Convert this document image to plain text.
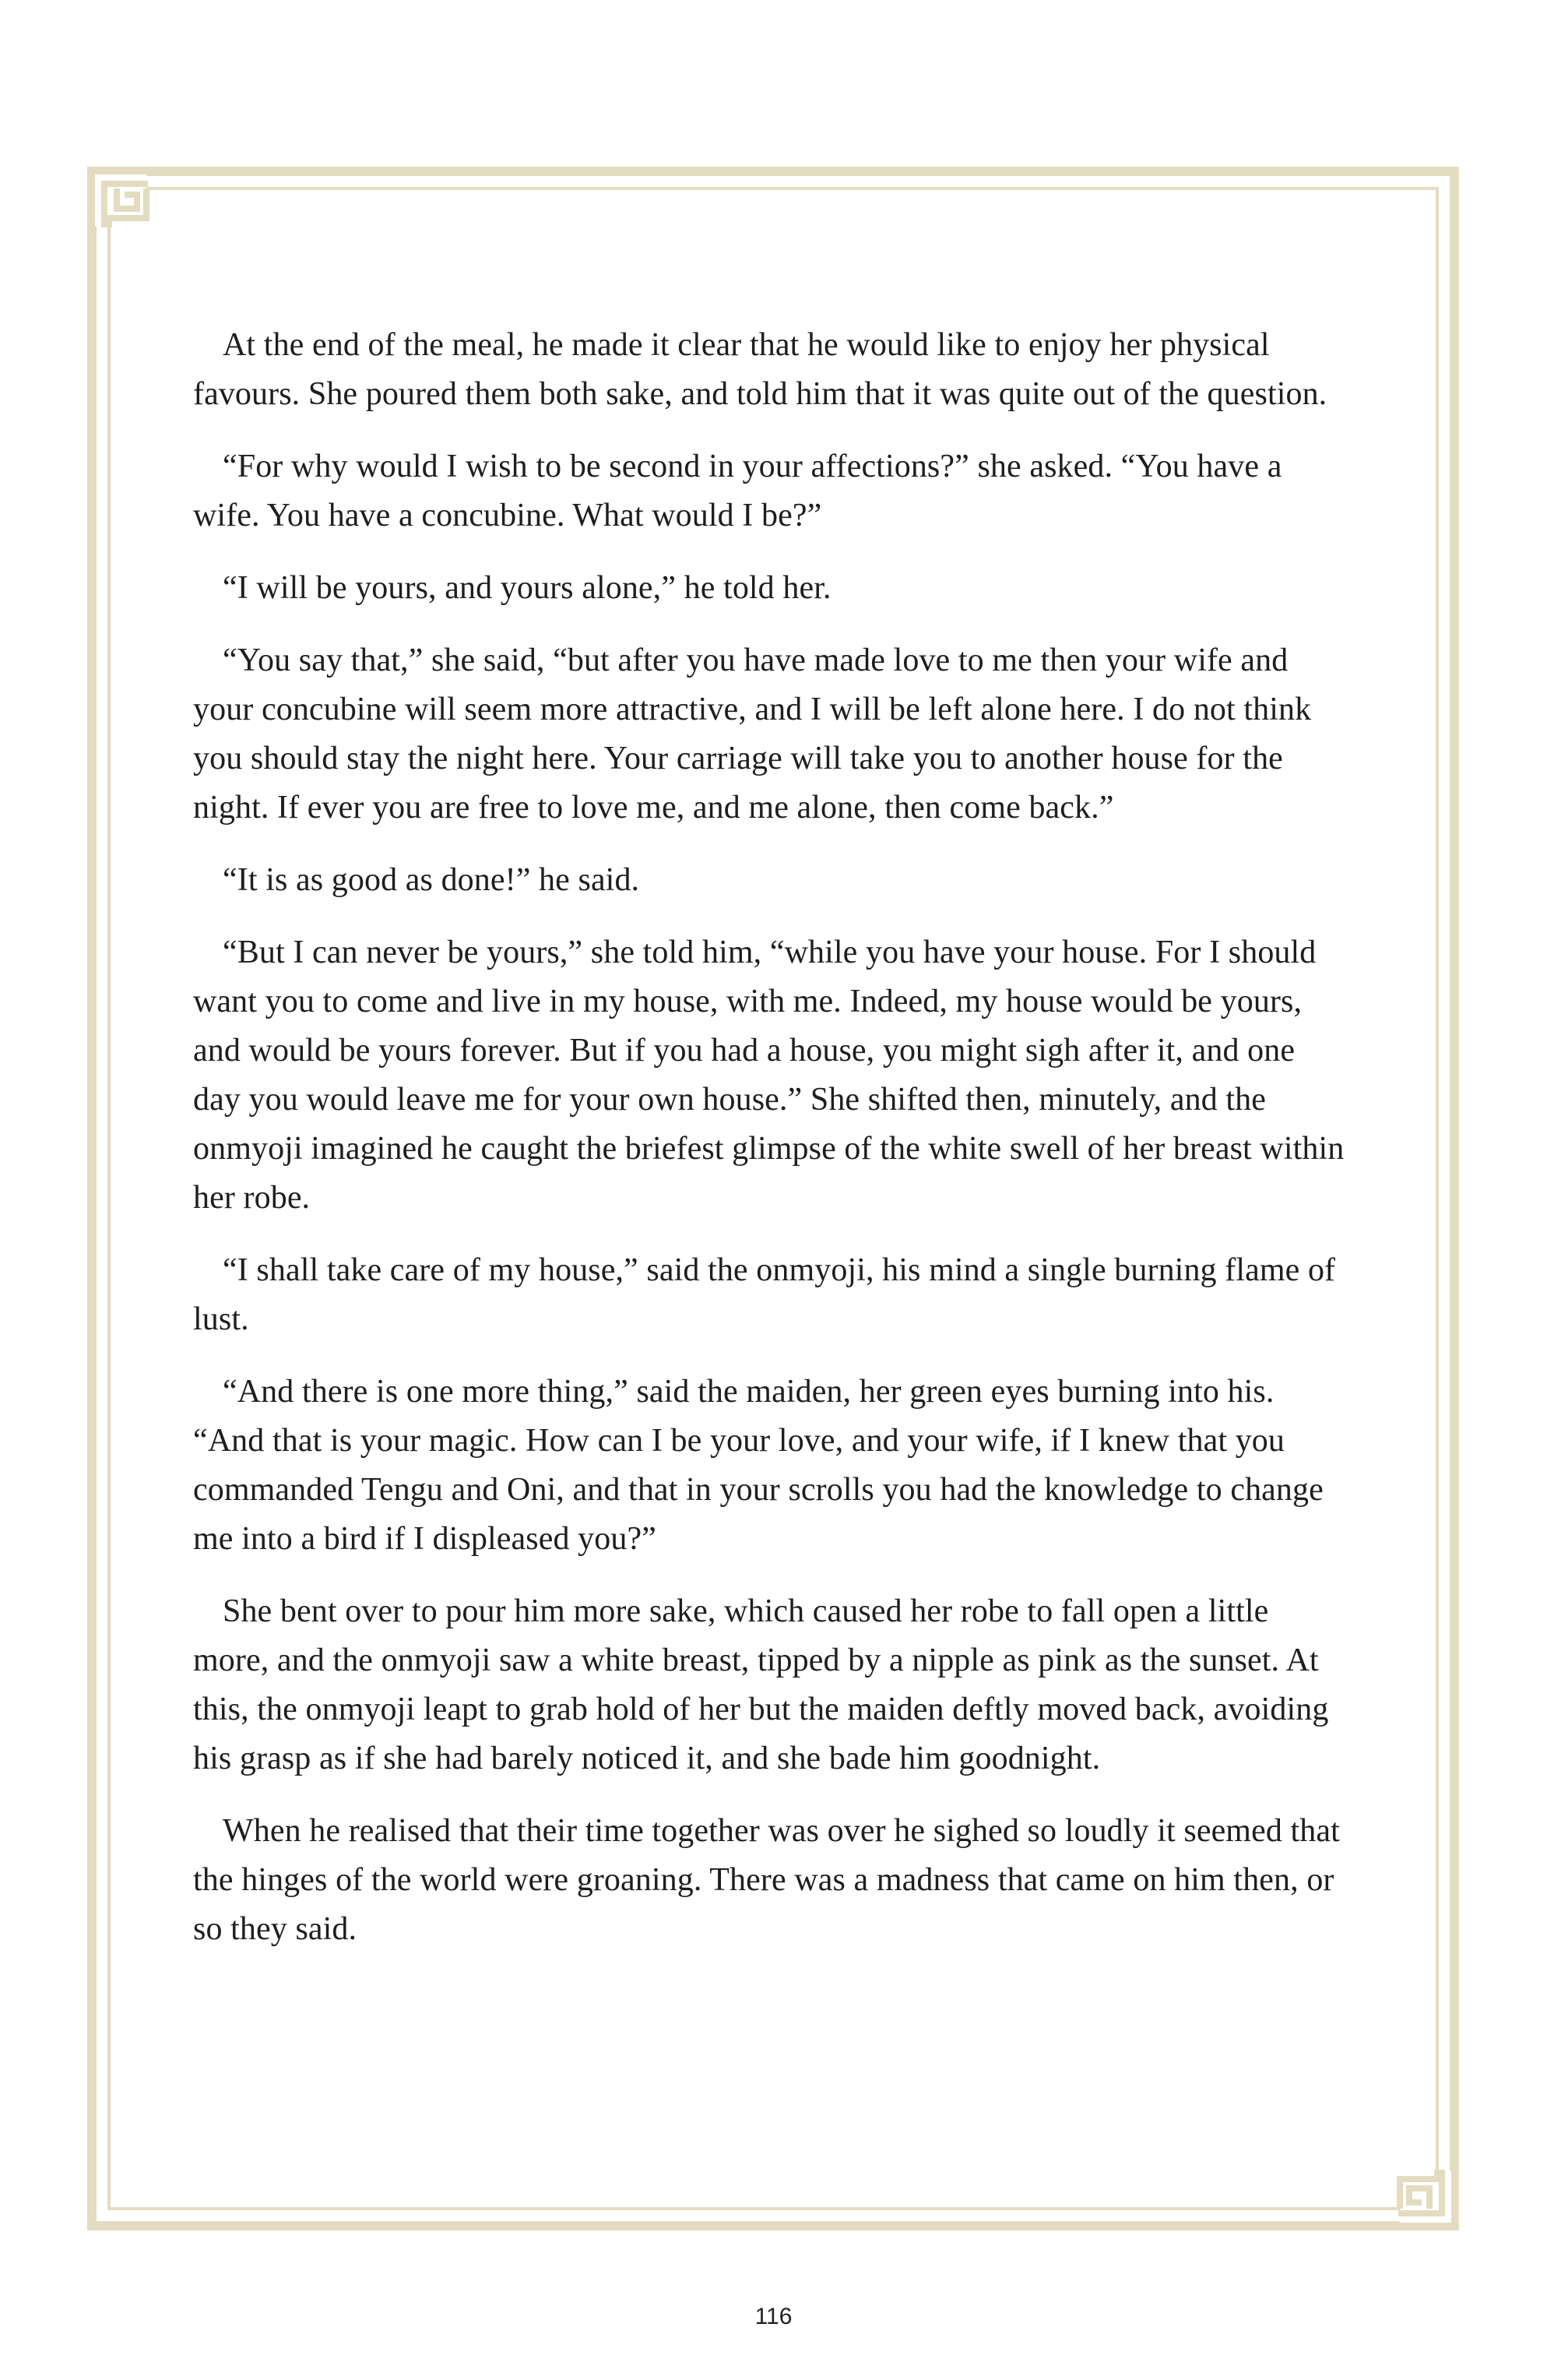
At the end of the meal, he made it clear that he would like to enjoy her physical favours. She poured them both sake, and told him that it was quite out of the question.

“For why would I wish to be second in your affections?” she asked. “You have a wife. You have a concubine. What would I be?”

“I will be yours, and yours alone,” he told her.

“You say that,” she said, “but after you have made love to me then your wife and your concubine will seem more attractive, and I will be left alone here. I do not think you should stay the night here. Your carriage will take you to another house for the night. If ever you are free to love me, and me alone, then come back.”

“It is as good as done!” he said.

“But I can never be yours,” she told him, “while you have your house. For I should want you to come and live in my house, with me. Indeed, my house would be yours, and would be yours forever. But if you had a house, you might sigh after it, and one day you would leave me for your own house.” She shifted then, minutely, and the onmyoji imagined he caught the briefest glimpse of the white swell of her breast within her robe.

“I shall take care of my house,” said the onmyoji, his mind a single burning flame of lust.

“And there is one more thing,” said the maiden, her green eyes burning into his. “And that is your magic. How can I be your love, and your wife, if I knew that you commanded Tengu and Oni, and that in your scrolls you had the knowledge to change me into a bird if I displeased you?”

She bent over to pour him more sake, which caused her robe to fall open a little more, and the onmyoji saw a white breast, tipped by a nipple as pink as the sunset. At this, the onmyoji leapt to grab hold of her but the maiden deftly moved back, avoiding his grasp as if she had barely noticed it, and she bade him goodnight.

When he realised that their time together was over he sighed so loudly it seemed that the hinges of the world were groaning. There was a madness that came on him then, or so they said.

116
